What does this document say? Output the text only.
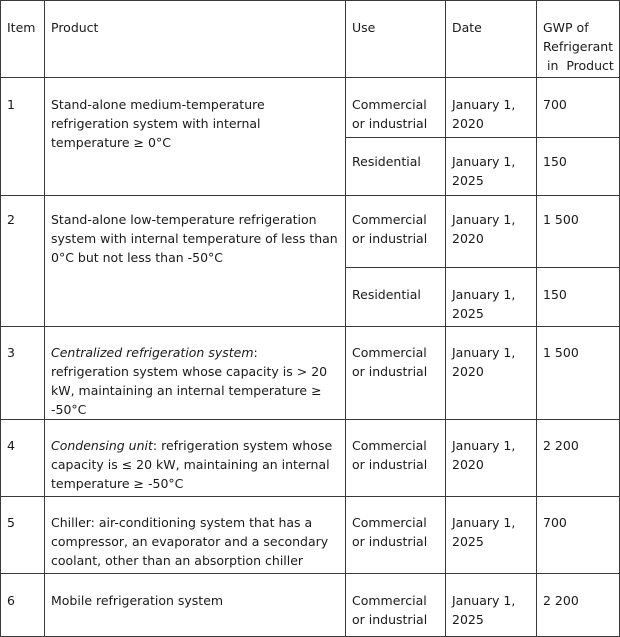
Item	Product	Use	Date	GWP of
Refrigerant
in  Product

1	Stand-alone medium-temperature refrigeration system with internal temperature ≥ 0°C	Commercial or industrial	January 1, 2020	700
		Residential	January 1, 2025	150
2	Stand-alone low-temperature refrigeration system with internal temperature of less than 0°C but not less than -50°C	Commercial or industrial	January 1, 2020	1 500
		Residential	January 1, 2025	150
3	Centralized refrigeration system: refrigeration system whose capacity is > 20 kW, maintaining an internal temperature ≥ -50°C	Commercial or industrial	January 1, 2020	1 500
4	Condensing unit: refrigeration system whose capacity is ≤ 20 kW, maintaining an internal temperature ≥ -50°C	Commercial or industrial	January 1, 2020	2 200
5	Chiller: air-conditioning system that has a compressor, an evaporator and a secondary coolant, other than an absorption chiller	Commercial or industrial	January 1, 2025	700
6	Mobile refrigeration system	Commercial or industrial	January 1, 2025	2 200
